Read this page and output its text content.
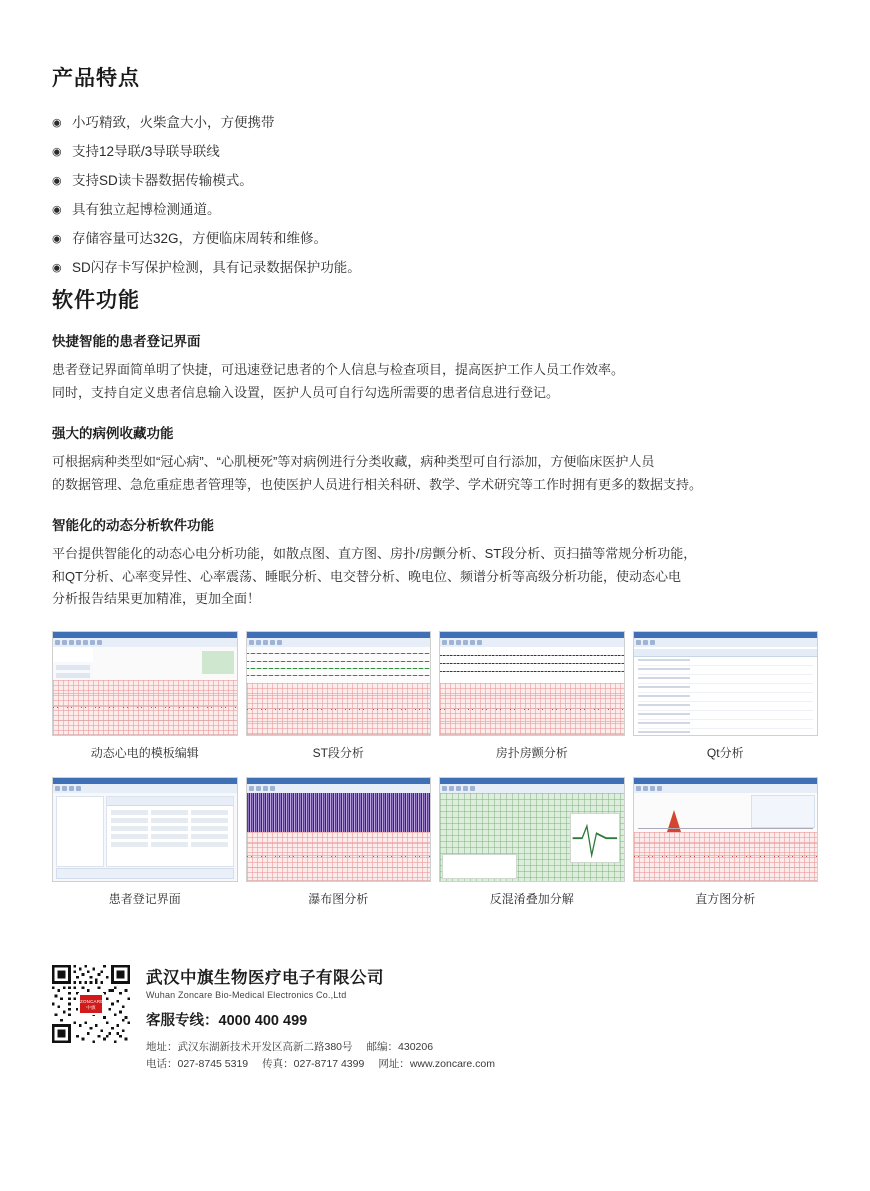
产品特点
◉ 小巧精致，火柴盒大小，方便携带
◉ 支持12导联/3导联导联线
◉ 支持SD读卡器数据传输模式。
◉ 具有独立起博检测通道。
◉ 存储容量可达32G，方便临床周转和维修。
◉ SD闪存卡写保护检测，具有记录数据保护功能。
软件功能

快捷智能的患者登记界面

患者登记界面简单明了快捷，可迅速登记患者的个人信息与检查项目，提高医护工作人员工作效率。

同时，支持自定义患者信息输入设置，医护人员可自行勾选所需要的患者信息进行登记。

强大的病例收藏功能

可根据病种类型如“冠心病”、“心肌梗死”等对病例进行分类收藏，病种类型可自行添加，方便临床医护人员

的数据管理、急危重症患者管理等，也使医护人员进行相关科研、教学、学术研究等工作时拥有更多的数据支持。

智能化的动态分析软件功能

平台提供智能化的动态心电分析功能，如散点图、直方图、房扑/房颤分析、ST段分析、页扫描等常规分析功能，

和QT分析、心率变异性、心率震荡、睡眠分析、电交替分析、晚电位、频谱分析等高级分析功能，使动态心电

分析报告结果更加精准，更加全面！

动态心电的模板编辑	ST段分析	房扑房颤分析	Qt分析
患者登记界面	瀑布图分析	反混淆叠加分解	直方图分析
ZONCARE 中旗
武汉中旗生物医疗电子有限公司
Wuhan Zoncare Bio-Medical Electronics Co.,Ltd
客服专线：4000 400 499
地址：武汉东湖新技术开发区高新二路380号 邮编：430206
电话：027-8745 5319 传真：027-8717 4399 网址：www.zoncare.com
